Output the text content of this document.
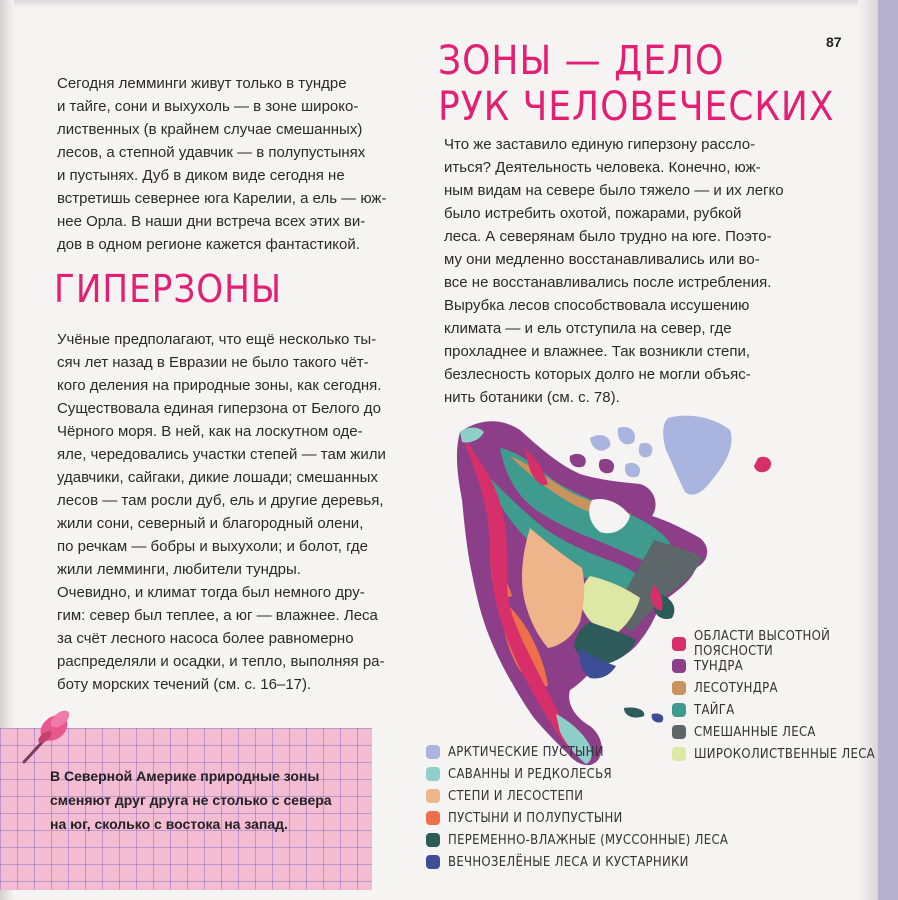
87

Сегодня лемминги живут только в тундре
и тайге, сони и выхухоль — в зоне широко-
лиственных (в крайнем случае смешанных)
лесов, а степной удавчик — в полупустынях
и пустынях. Дуб в диком виде сегодня не
встретишь севернее юга Карелии, а ель — юж-
нее Орла. В наши дни встреча всех этих ви-
дов в одном регионе кажется фантастикой.

ГИПЕРЗОНЫ

Учёные предполагают, что ещё несколько ты-
сяч лет назад в Евразии не было такого чёт-
кого деления на природные зоны, как сегодня.
Существовала единая гиперзона от Белого до
Чёрного моря. В ней, как на лоскутном оде-
яле, чередовались участки степей — там жили
удавчики, сайгаки, дикие лошади; смешанных
лесов — там росли дуб, ель и другие деревья,
жили сони, северный и благородный олени,
по речкам — бобры и выхухоли; и болот, где
жили лемминги, любители тундры.
Очевидно, и климат тогда был немного дру-
гим: север был теплее, а юг — влажнее. Леса
за счёт лесного насоса более равномерно
распределяли и осадки, и тепло, выполняя ра-
боту морских течений (см. с. 16–17).

В Северной Америке природные зоны
сменяют друг друга не столько с севера
на юг, сколько с востока на запад.

ЗОНЫ — ДЕЛО
РУК ЧЕЛОВЕЧЕСКИХ

Что же заставило единую гиперзону рассло-
иться? Деятельность человека. Конечно, юж-
ным видам на севере было тяжело — и их легко
было истребить охотой, пожарами, рубкой
леса. А северянам было трудно на юге. Поэто-
му они медленно восстанавливались или во-
все не восстанавливались после истребления.
Вырубка лесов способствовала иссушению
климата — и ель отступила на север, где
прохладнее и влажнее. Так возникли степи,
безлесность которых долго не могли объяс-
нить ботаники (см. с. 78).

ОБЛАСТИ ВЫСОТНОЙ ПОЯСНОСТИ
ТУНДРА
ЛЕСОТУНДРА
ТАЙГА
СМЕШАННЫЕ ЛЕСА
ШИРОКОЛИСТВЕННЫЕ ЛЕСА
АРКТИЧЕСКИЕ ПУСТЫНИ
САВАННЫ И РЕДКОЛЕСЬЯ
СТЕПИ И ЛЕСОСТЕПИ
ПУСТЫНИ И ПОЛУПУСТЫНИ
ПЕРЕМЕННО-ВЛАЖНЫЕ (МУССОННЫЕ) ЛЕСА
ВЕЧНОЗЕЛЁНЫЕ ЛЕСА И КУСТАРНИКИ
